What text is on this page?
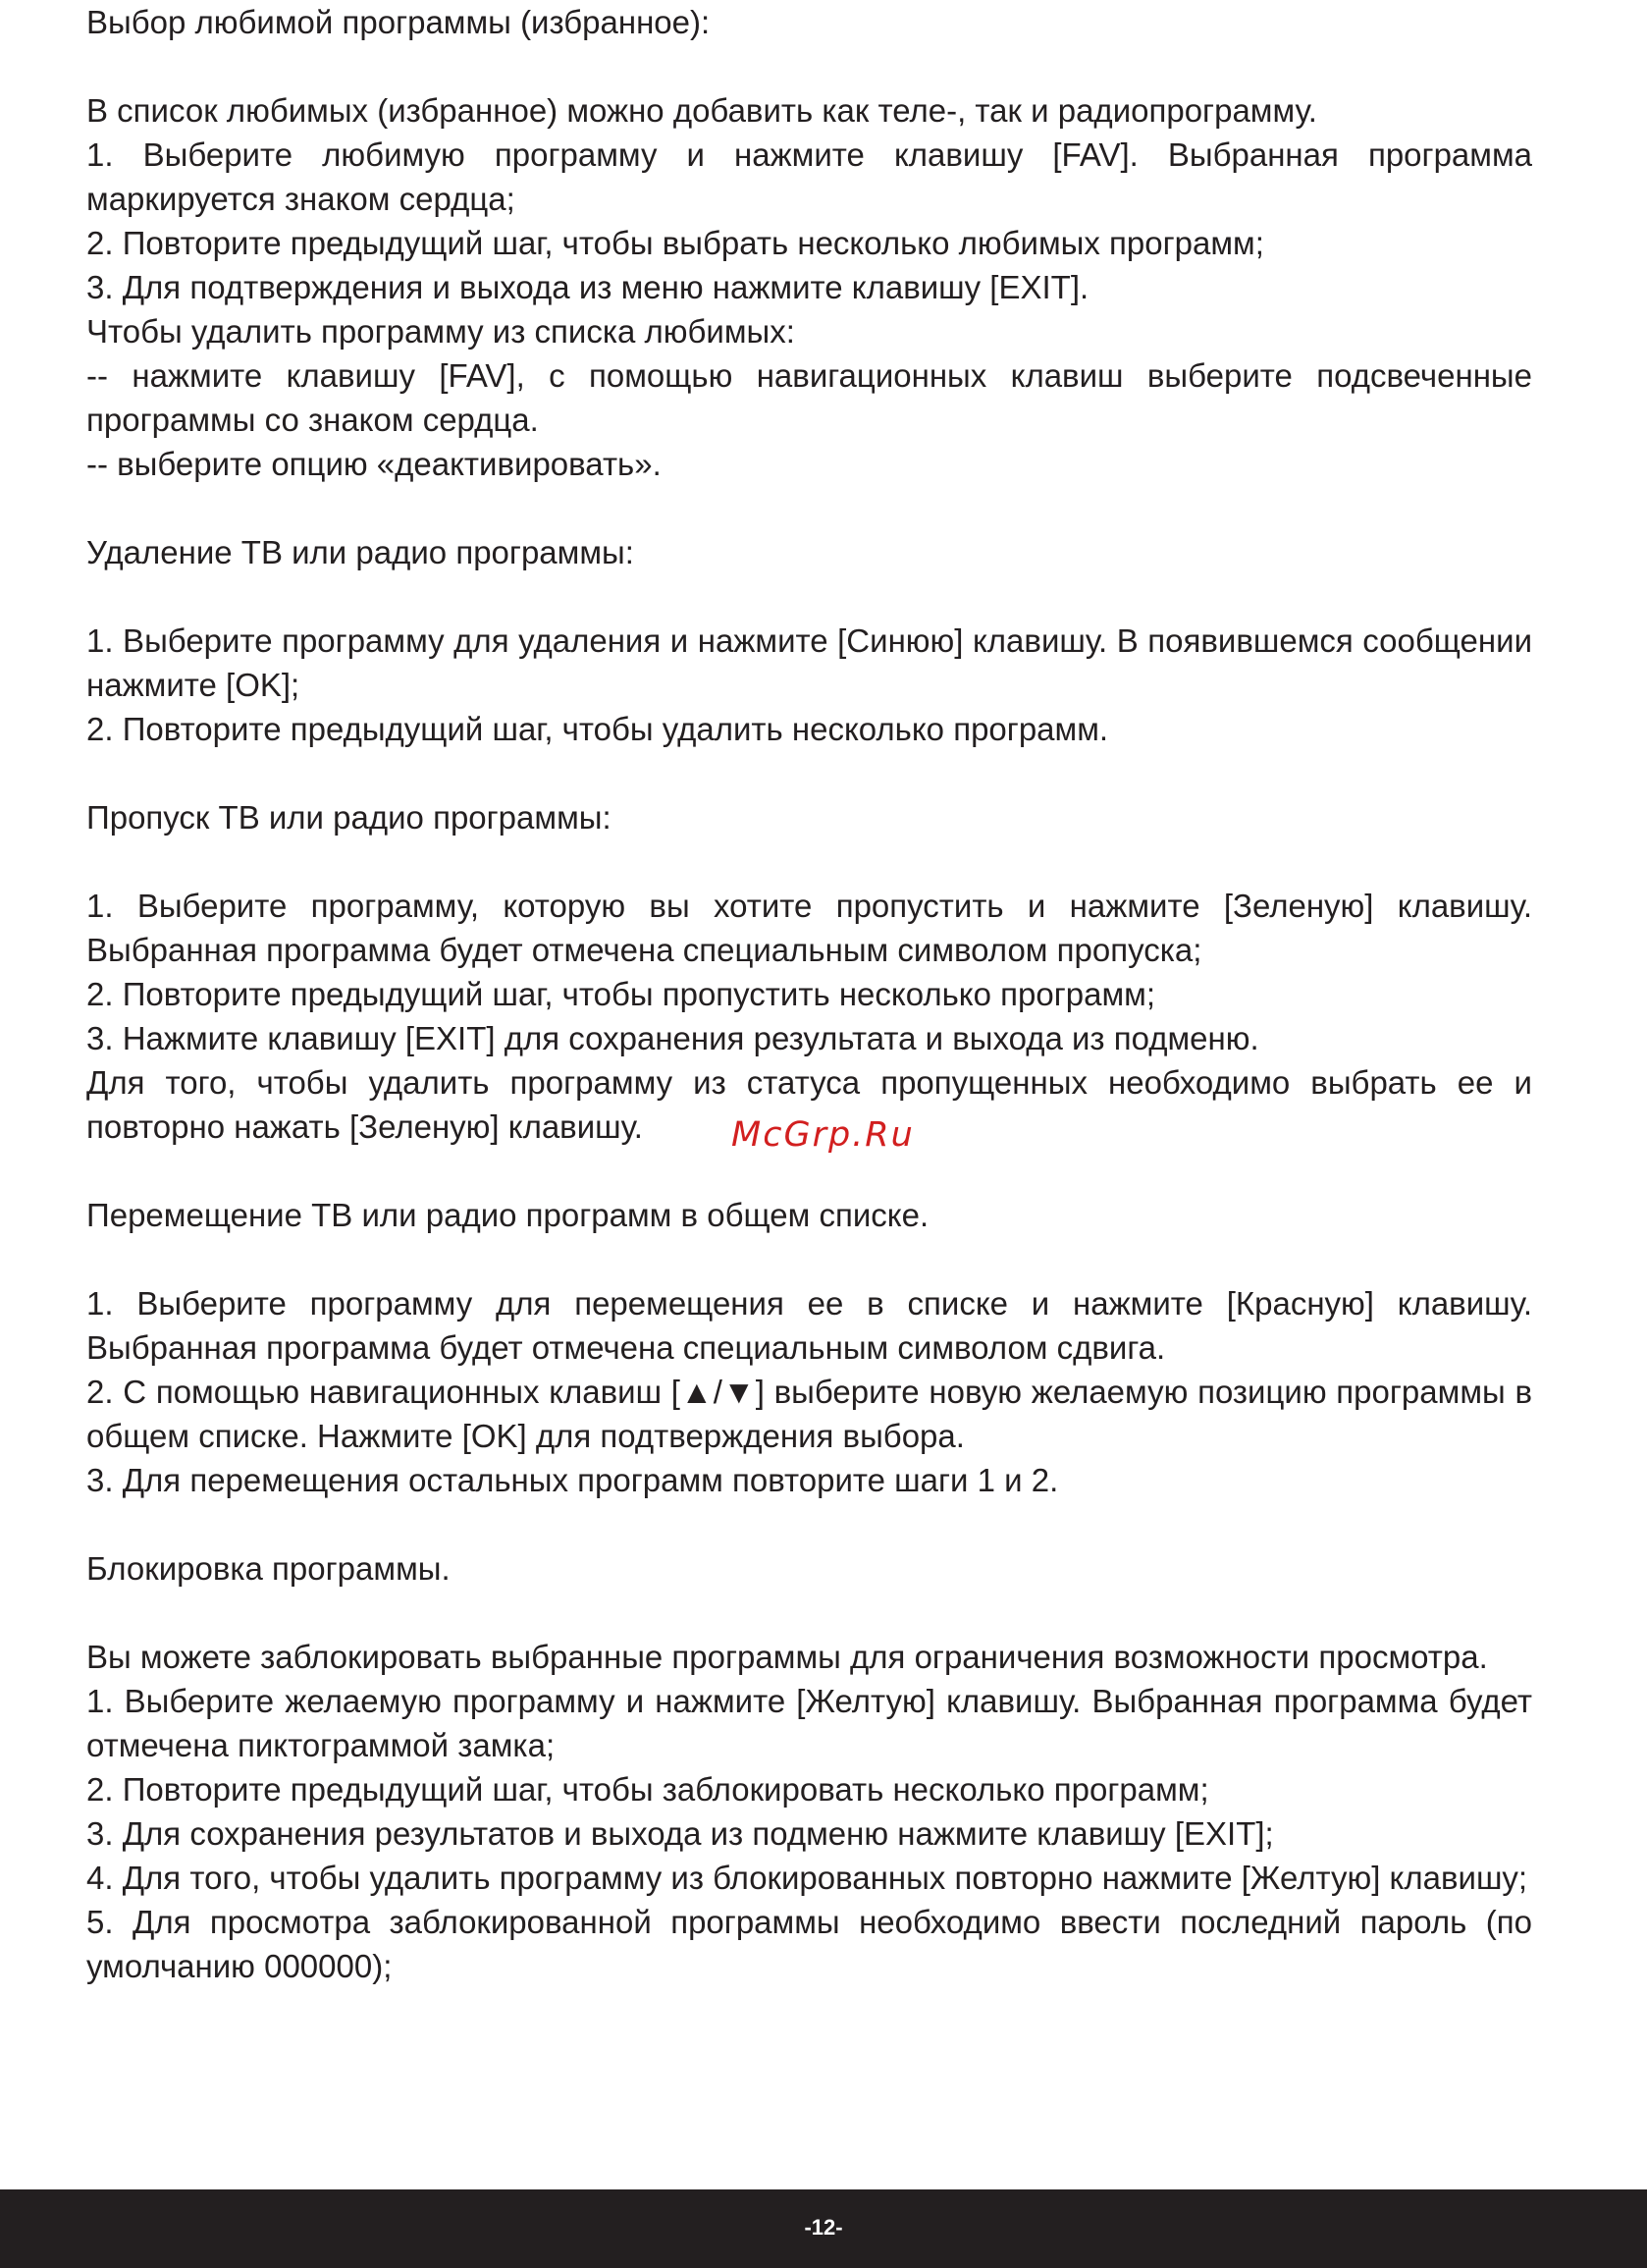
Выбор любимой программы (избранное):

В список любимых (избранное) можно добавить как теле-, так и радиопрограмму.

1. Выберите любимую программу и нажмите клавишу [FAV]. Выбранная программа маркируется знаком сердца;

2. Повторите предыдущий шаг, чтобы выбрать несколько любимых программ;

3. Для подтверждения и выхода из меню нажмите клавишу [EXIT].

Чтобы удалить программу из списка любимых:

-- нажмите клавишу [FAV], с помощью навигационных клавиш выберите подсвеченные программы со знаком сердца.

-- выберите опцию «деактивировать».

Удаление ТВ или радио программы:

1. Выберите программу для удаления и нажмите [Синюю] клавишу. В появившемся сообщении нажмите [OK];

2. Повторите предыдущий шаг, чтобы удалить несколько программ.

Пропуск ТВ или радио программы:

1. Выберите программу, которую вы хотите пропустить и нажмите [Зеленую] клавишу. Выбранная программа будет отмечена специальным символом пропуска;

2. Повторите предыдущий шаг, чтобы пропустить несколько программ;

3. Нажмите клавишу [EXIT] для сохранения результата и выхода из подменю.

Для того, чтобы удалить программу из статуса пропущенных необходимо выбрать ее и повторно нажать [Зеленую] клавишу.

Перемещение ТВ или радио программ в общем списке.

1. Выберите программу для перемещения ее в списке и нажмите [Красную] клавишу. Выбранная программа будет отмечена специальным символом сдвига.

2. С помощью навигационных клавиш [▲/▼] выберите новую желаемую позицию программы в общем списке. Нажмите [OK] для подтверждения выбора.

3. Для перемещения остальных программ повторите шаги 1 и 2.

Блокировка программы.

Вы можете заблокировать выбранные программы для ограничения возможности просмотра.

1. Выберите желаемую программу и нажмите [Желтую] клавишу. Выбранная программа будет отмечена пиктограммой замка;

2. Повторите предыдущий шаг, чтобы заблокировать несколько программ;

3. Для сохранения результатов и выхода из подменю нажмите клавишу [EXIT];

4. Для того, чтобы удалить программу из блокированных повторно нажмите [Желтую] клавишу;

5. Для просмотра заблокированной программы необходимо ввести последний пароль (по умолчанию 000000);

McGrp.Ru
-12-
